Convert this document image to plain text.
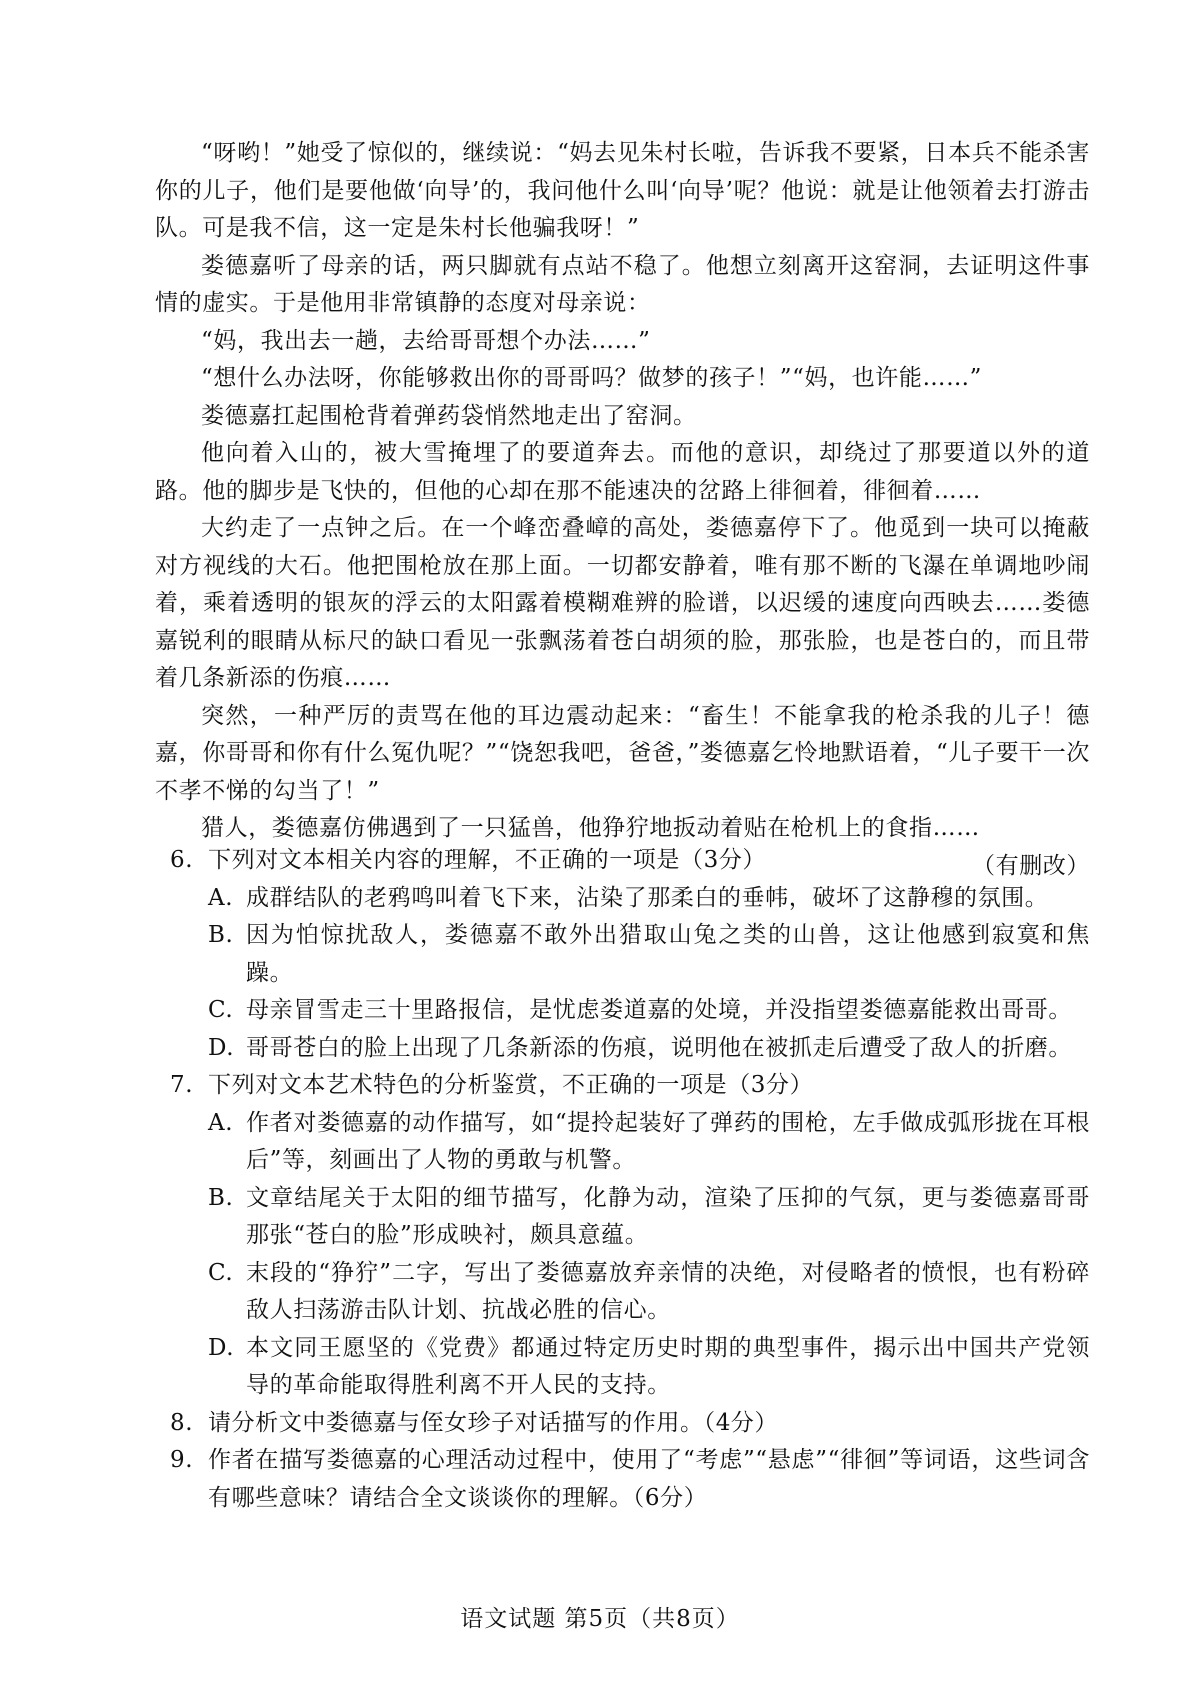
“呀哟！”她受了惊似的，继续说：“妈去见朱村长啦，告诉我不要紧，日本兵不能杀害你的儿子，他们是要他做‘向导’的，我问他什么叫‘向导’呢？他说：就是让他领着去打游击队。可是我不信，这一定是朱村长他骗我呀！”

娄德嘉听了母亲的话，两只脚就有点站不稳了。他想立刻离开这窑洞，去证明这件事情的虚实。于是他用非常镇静的态度对母亲说：

“妈，我出去一趟，去给哥哥想个办法……”

“想什么办法呀，你能够救出你的哥哥吗？做梦的孩子！”“妈，也许能……”

娄德嘉扛起围枪背着弹药袋悄然地走出了窑洞。

他向着入山的，被大雪掩埋了的要道奔去。而他的意识，却绕过了那要道以外的道路。他的脚步是飞快的，但他的心却在那不能速决的岔路上徘徊着，徘徊着……

大约走了一点钟之后。在一个峰峦叠嶂的高处，娄德嘉停下了。他觅到一块可以掩蔽对方视线的大石。他把围枪放在那上面。一切都安静着，唯有那不断的飞瀑在单调地吵闹着，乘着透明的银灰的浮云的太阳露着模糊难辨的脸谱，以迟缓的速度向西映去……娄德嘉锐利的眼睛从标尺的缺口看见一张飘荡着苍白胡须的脸，那张脸，也是苍白的，而且带着几条新添的伤痕……

突然，一种严厉的责骂在他的耳边震动起来：“畜生！不能拿我的枪杀我的儿子！德嘉，你哥哥和你有什么冤仇呢？”“饶恕我吧，爸爸，”娄德嘉乞怜地默语着，“儿子要干一次不孝不悌的勾当了！”

猎人，娄德嘉仿佛遇到了一只猛兽，他狰狞地扳动着贴在枪机上的食指……

（有删改）

6. 下列对文本相关内容的理解，不正确的一项是（3分）
A. 成群结队的老鸦鸣叫着飞下来，沾染了那柔白的垂帏，破坏了这静穆的氛围。
B. 因为怕惊扰敌人，娄德嘉不敢外出猎取山兔之类的山兽，这让他感到寂寞和焦躁。
C. 母亲冒雪走三十里路报信，是忧虑娄道嘉的处境，并没指望娄德嘉能救出哥哥。
D. 哥哥苍白的脸上出现了几条新添的伤痕，说明他在被抓走后遭受了敌人的折磨。
7. 下列对文本艺术特色的分析鉴赏，不正确的一项是（3分）
A. 作者对娄德嘉的动作描写，如“提拎起装好了弹药的围枪，左手做成弧形拢在耳根后”等，刻画出了人物的勇敢与机警。
B. 文章结尾关于太阳的细节描写，化静为动，渲染了压抑的气氛，更与娄德嘉哥哥那张“苍白的脸”形成映衬，颇具意蕴。
C. 末段的“狰狞”二字，写出了娄德嘉放弃亲情的决绝，对侵略者的愤恨，也有粉碎敌人扫荡游击队计划、抗战必胜的信心。
D. 本文同王愿坚的《党费》都通过特定历史时期的典型事件，揭示出中国共产党领导的革命能取得胜利离不开人民的支持。
8. 请分析文中娄德嘉与侄女珍子对话描写的作用。（4分）
9. 作者在描写娄德嘉的心理活动过程中，使用了“考虑”“悬虑”“徘徊”等词语，这些词含有哪些意味？请结合全文谈谈你的理解。（6分）
语文试题 第5页（共8页）
